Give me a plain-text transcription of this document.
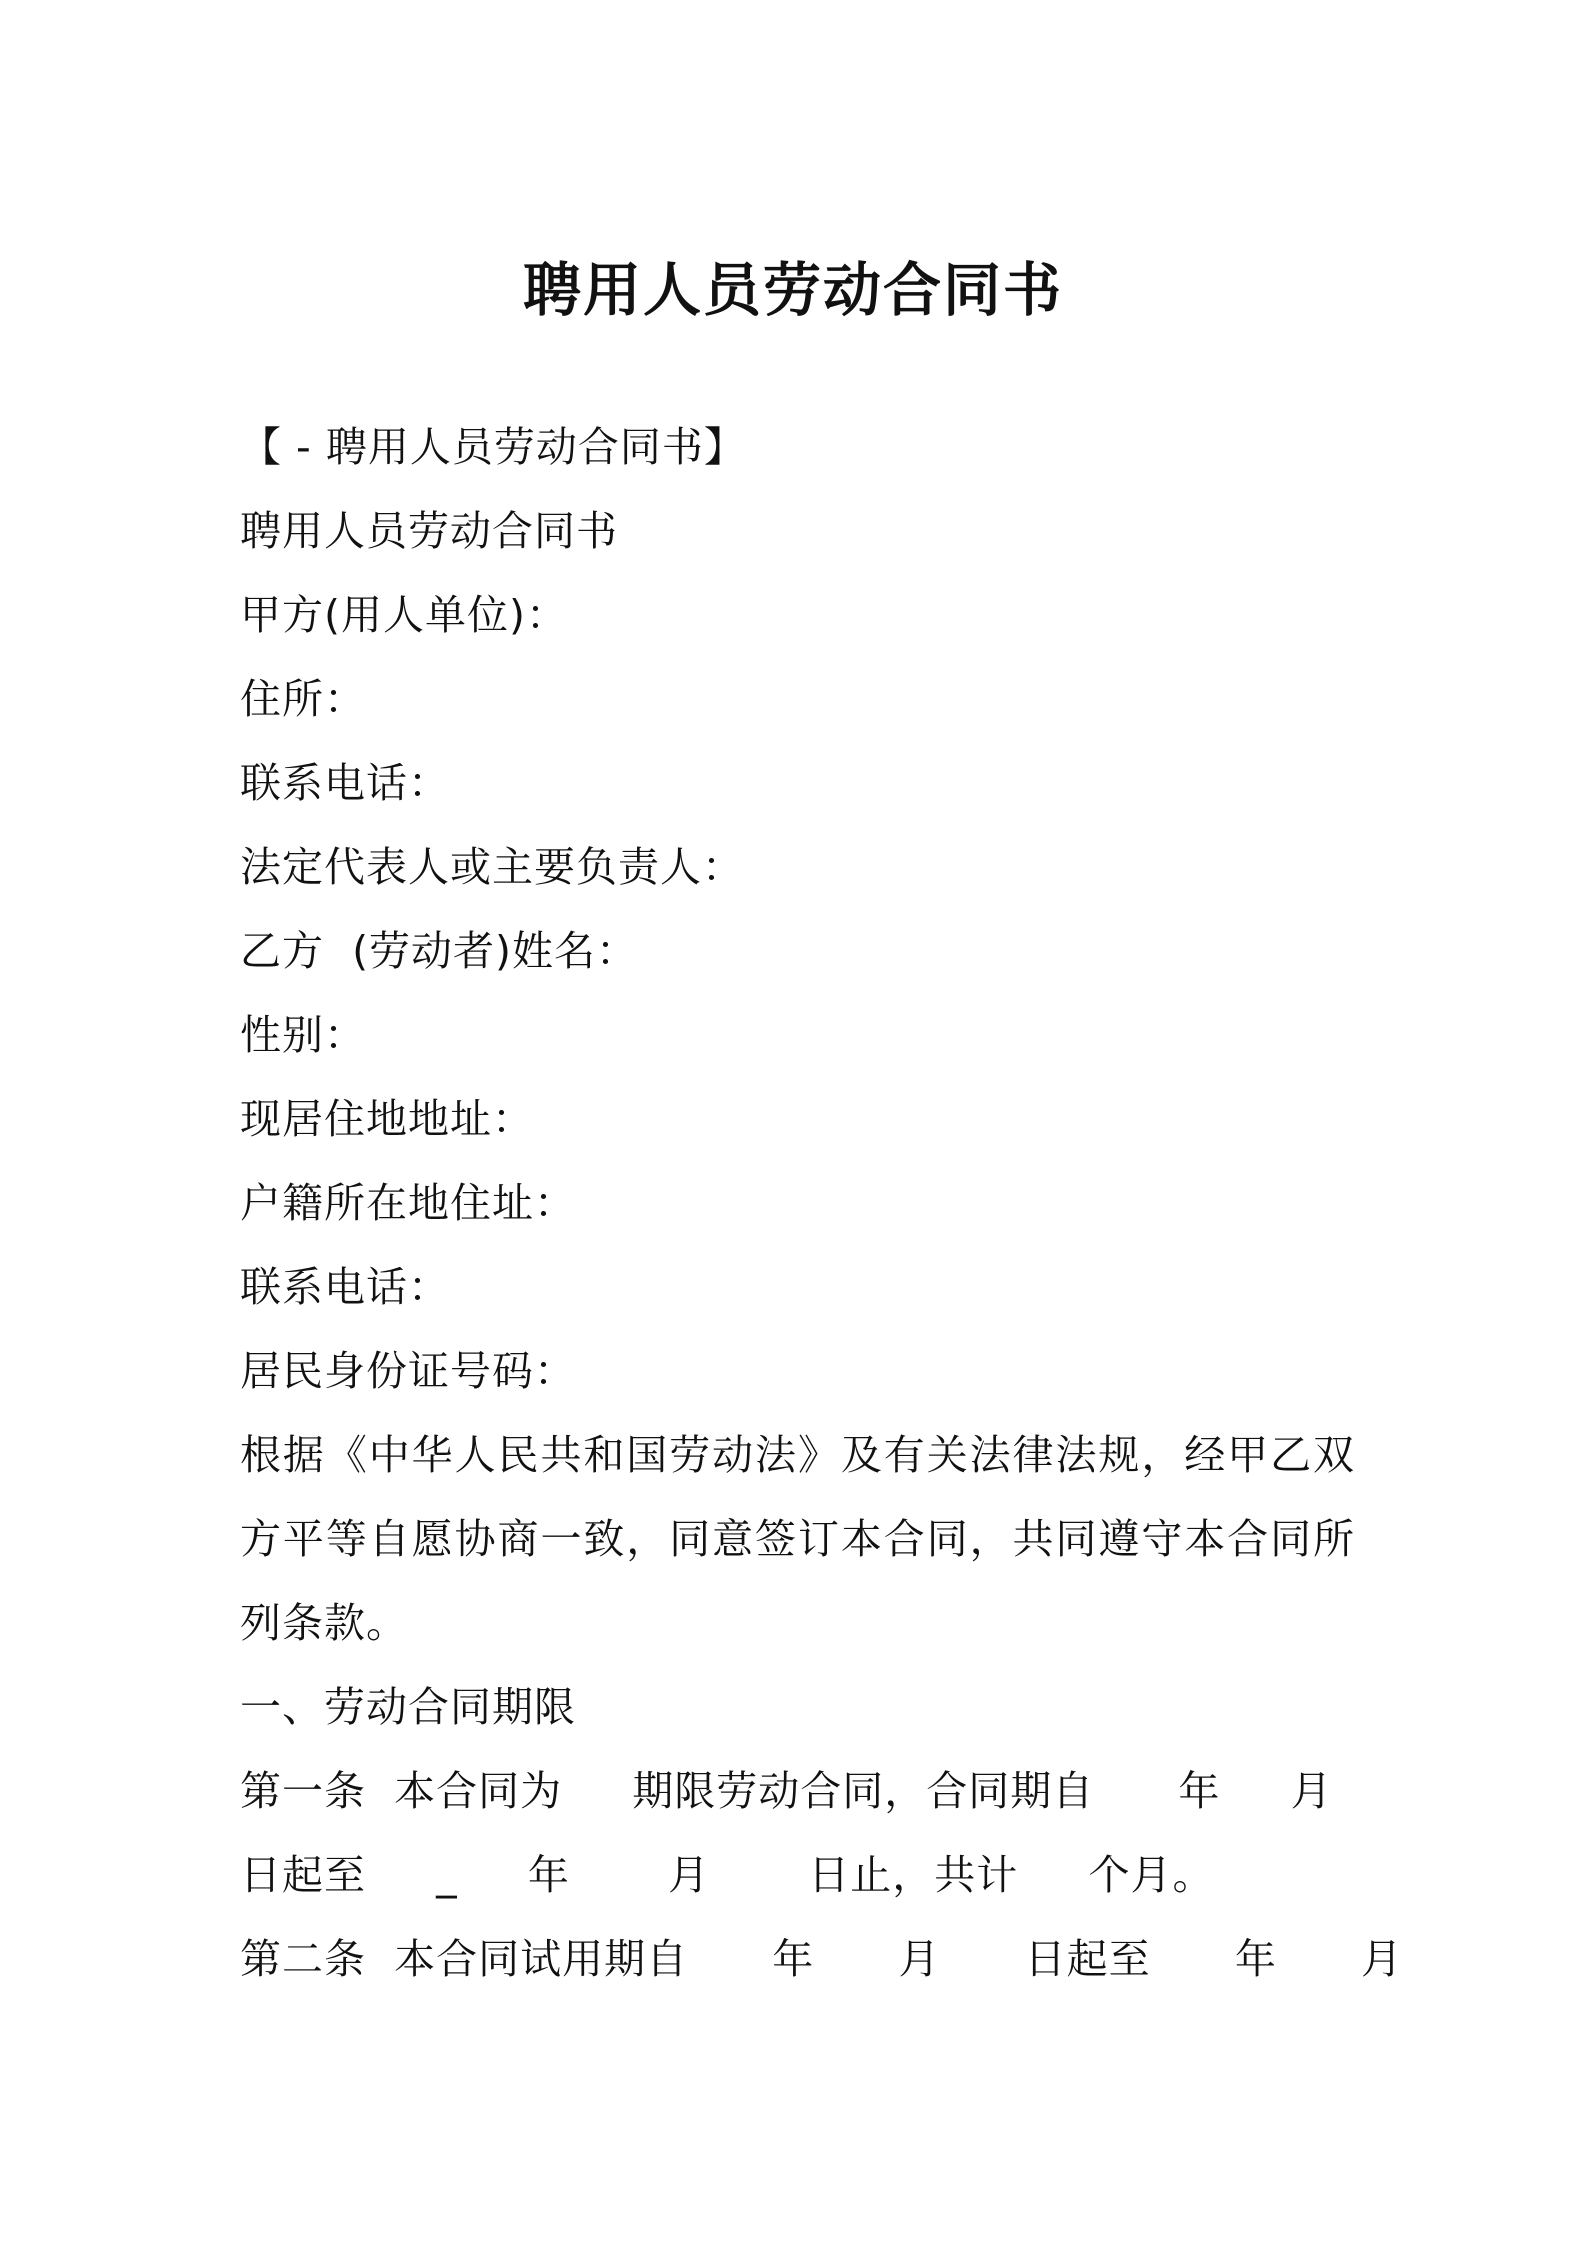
聘用人员劳动合同书

【 - 聘用人员劳动合同书】

聘用人员劳动合同书

甲方(用人单位)：

住所：

联系电话：

法定代表人或主要负责人：

乙方  (劳动者)姓名：

性别：

现居住地地址：

户籍所在地住址：

联系电话：

居民身份证号码：

根据《中华人民共和国劳动法》及有关法律法规，经甲乙双

方平等自愿协商一致，同意签订本合同，共同遵守本合同所

列条款。

一、劳动合同期限

第一条  本合同为     期限劳动合同，合同期自      年     月

日起至     _     年       月       日止，共计     个月。

第二条  本合同试用期自      年      月      日起至      年      月
